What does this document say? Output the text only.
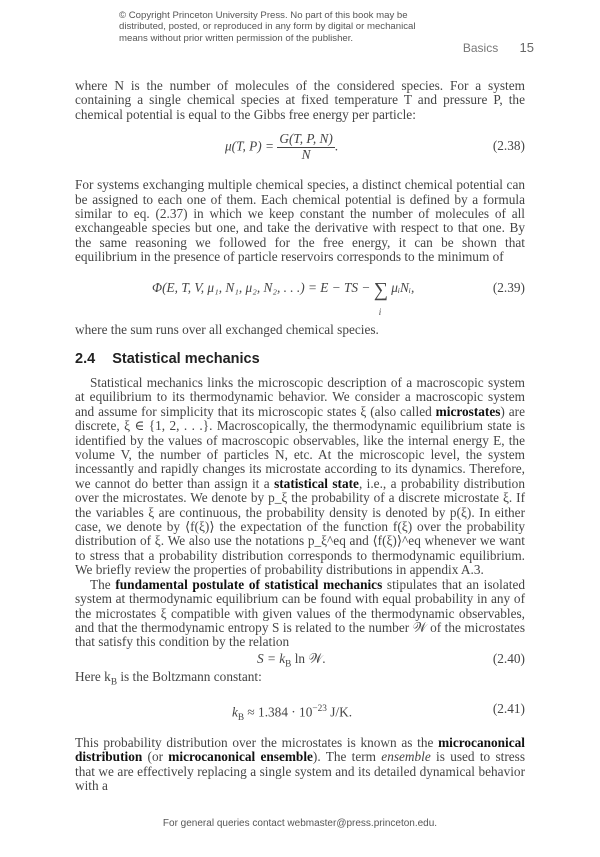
© Copyright Princeton University Press. No part of this book may be
distributed, posted, or reproduced in any form by digital or mechanical
means without prior written permission of the publisher.
Basics 15

where N is the number of molecules of the considered species. For a system containing a single chemical species at fixed temperature T and pressure P, the chemical potential is equal to the Gibbs free energy per particle:

μ(T, $P) = \frac{G(T, P, N)}{N}$ .	(2.38)

For systems exchanging multiple chemical species, a distinct chemical potential can be assigned to each one of them. Each chemical potential is defined by a formula similar to eq. (2.37) in which we keep constant the number of molecules of all exchangeable species but one, and take the derivative with respect to that one. By the same reasoning we followed for the free energy, it can be shown that equilibrium in the presence of particle reservoirs corresponds to the minimum of

Φ(E, T, V, μ₁, N₁, μ₂, N₂, . . .) = E − TS − ∑
i
μᵢNᵢ,	(2.39)

where the sum runs over all exchanged chemical species.

2.4 Statistical mechanics

Statistical mechanics links the microscopic description of a macroscopic system at equilibrium to its thermodynamic behavior. We consider a macroscopic system and assume for simplicity that its microscopic states ξ (also called microstates) are discrete, ξ ∈ {1, 2, . . .}. Macroscopically, the thermodynamic equilibrium state is identified by the values of macroscopic observables, like the internal energy E, the volume V, the number of particles N, etc. At the microscopic level, the system incessantly and rapidly changes its microstate according to its dynamics. Therefore, we cannot do better than assign it a statistical state, i.e., a probability distribution over the microstates. We denote by p_ξ the probability of a discrete microstate ξ. If the variables ξ are continuous, the probability density is denoted by p(ξ). In either case, we denote by ⟨f(ξ)⟩ the expectation of the function f(ξ) over the probability distribution of ξ. We also use the notations p_ξ^eq and ⟨f(ξ)⟩^eq whenever we want to stress that a probability distribution corresponds to thermodynamic equilibrium. We briefly review the properties of probability distributions in appendix A.3.

The fundamental postulate of statistical mechanics stipulates that an isolated system at thermodynamic equilibrium can be found with equal probability in any of the microstates ξ compatible with given values of the thermodynamic observables, and that the thermodynamic entropy S is related to the number 𝒲 of the microstates that satisfy this condition by the relation

$S = k_B$ ln 𝒲.	(2.40)

Here $k_B$ is the Boltzmann constant:

$k_B \approx 1.384 \cdot 10^{-23}$ J/K.	(2.41)

This probability distribution over the microstates is known as the microcanonical distribution (or microcanonical ensemble). The term ensemble is used to stress that we are effectively replacing a single system and its detailed dynamical behavior with a

For general queries contact webmaster@press.princeton.edu.
